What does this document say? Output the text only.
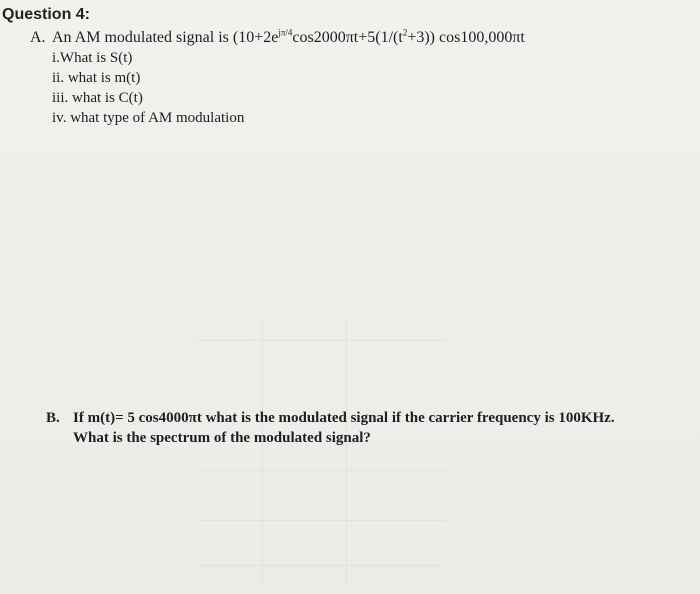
Question 4:
A. An AM modulated signal is ($10+2e^{j\pi/4}\cos 2000\pi t+5(1/(t^2+3))$ cos100,000πt
i.What is S(t)
ii. what is m(t)
iii. what is C(t)
iv. what type of AM modulation
B. If m(t)= 5 cos4000πt what is the modulated signal if the carrier frequency is 100KHz.
What is the spectrum of the modulated signal?
